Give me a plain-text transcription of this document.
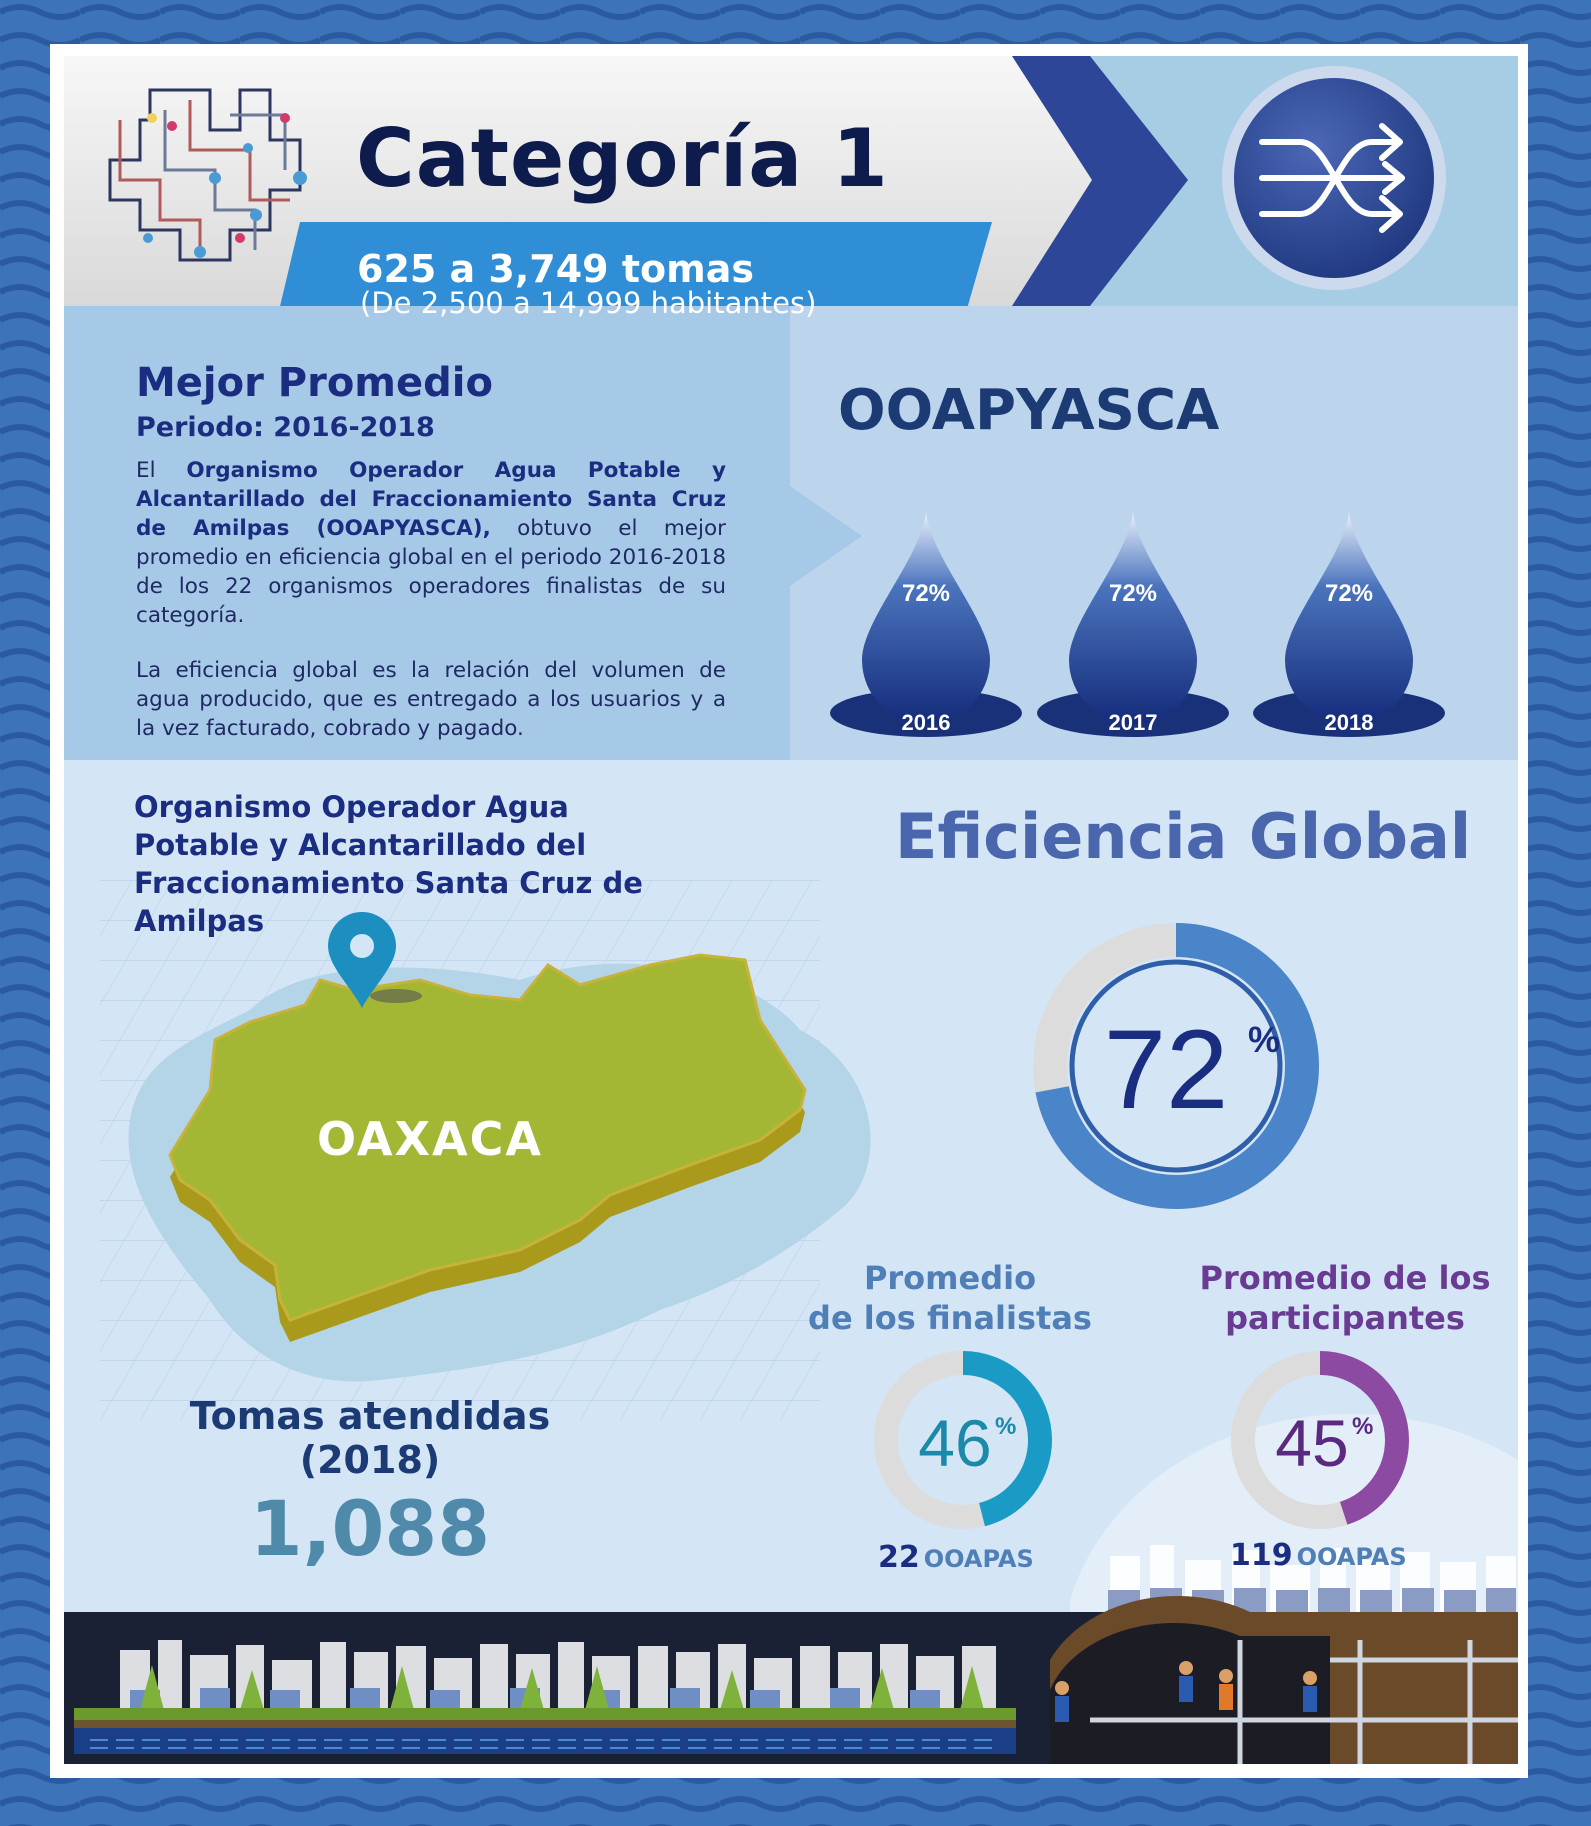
72%	72%	72%
2016	2017	2018
72 %
46 %	45 %
Categoría 1
625 a 3,749 tomas
(De 2,500 a 14,999 habitantes)
Mejor Promedio
Periodo: 2016-2018

El Organismo Operador Agua Potable y Alcantarillado del Fraccionamiento Santa Cruz de Amilpas (OOAPYASCA), obtuvo el mejor promedio en eficiencia global en el periodo 2016-2018 de los 22 organismos operadores finalistas de su categoría.

La eficiencia global es la relación del volumen de agua producido, que es entregado a los usuarios y a la vez facturado, cobrado y pagado.

OOAPYASCA
Organismo Operador Agua Potable y Alcantarillado del Fraccionamiento Santa Cruz de Amilpas
Eficiencia Global
OAXACA
Tomas atendidas
(2018)
1,088
Promedio
de los finalistas
Promedio de los
participantes
22 OOAPAS	119 OOAPAS
